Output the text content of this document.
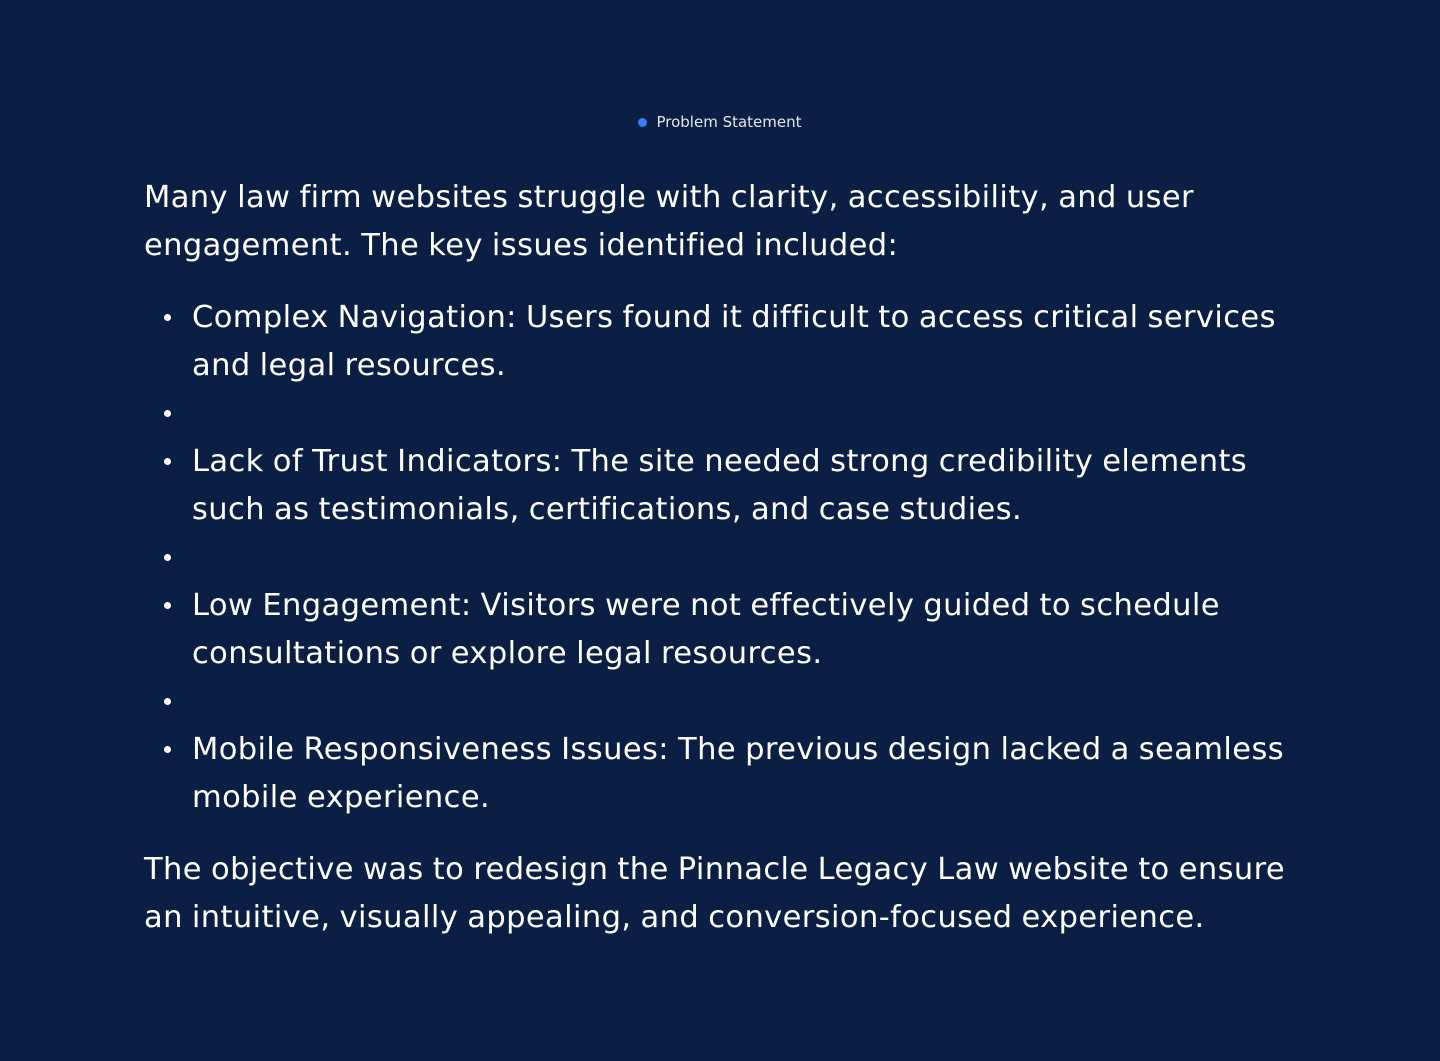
Problem Statement

Many law firm websites struggle with clarity, accessibility, and user engagement. The key issues identified included:

Complex Navigation: Users found it difficult to access critical services and legal resources.
Lack of Trust Indicators: The site needed strong credibility elements such as testimonials, certifications, and case studies.
Low Engagement: Visitors were not effectively guided to schedule consultations or explore legal resources.
Mobile Responsiveness Issues: The previous design lacked a seamless mobile experience.

The objective was to redesign the Pinnacle Legacy Law website to ensure an intuitive, visually appealing, and conversion-focused experience.
